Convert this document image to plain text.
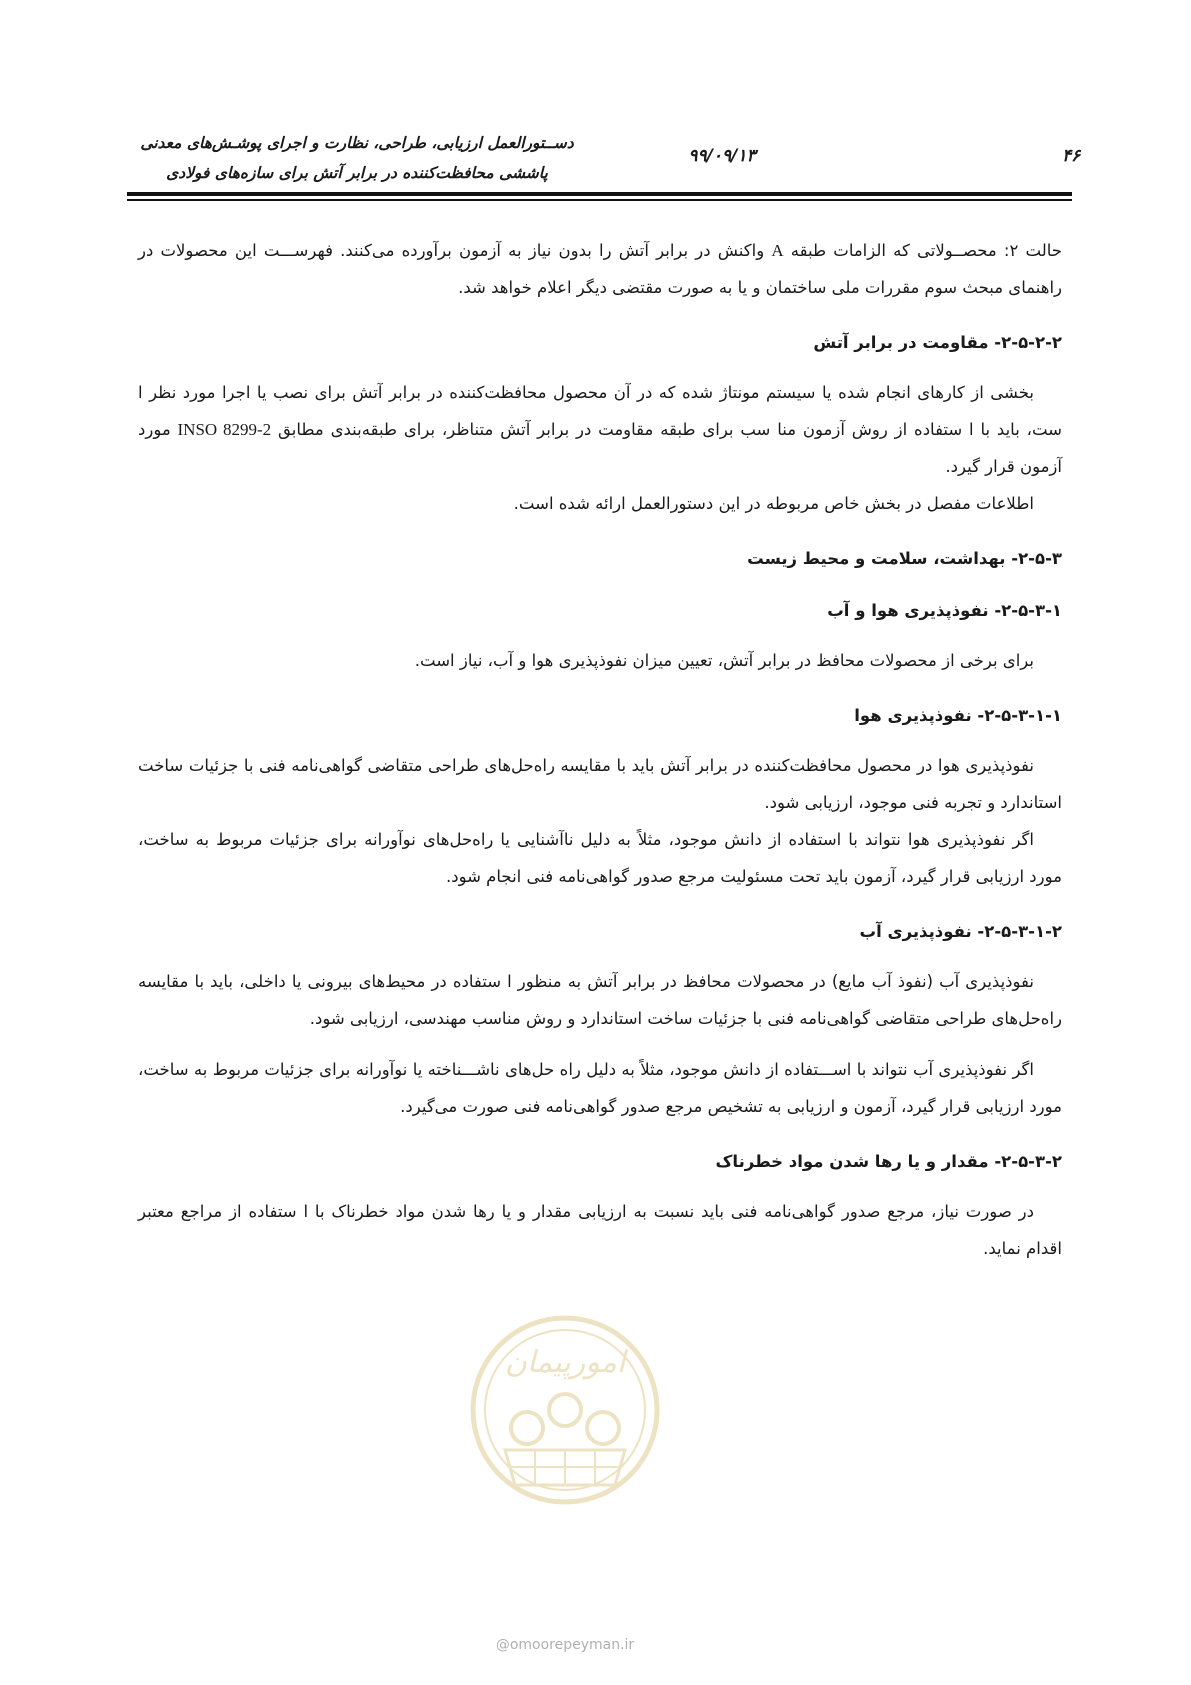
۴۶
۹۹/۰۹/۱۳
دســتورالعمل ارزیابی، طراحی، نظارت و اجرای پوشـش‌های معدنی
پاششی محافظت‌کننده در برابر آتش برای سازه‌های فولادی

حالت ۲: محصــولاتی که الزامات طبقه A واکنش در برابر آتش را بدون نیاز به آزمون برآورده می‌کنند. فهرســـت این محصولات در راهنمای مبحث سوم مقررات ملی ساختمان و یا به صورت مقتضی دیگر اعلام خواهد شد.

۲-۵-۲-۲- مقاومت در برابر آتش

بخشی از کارهای انجام شده یا سیستم مونتاژ شده که در آن محصول محافظت‌کننده در برابر آتش برای نصب یا اجرا مورد نظر ا ست، باید با ا ستفاده از روش آزمون منا سب برای طبقه مقاومت در برابر آتش متناظر، برای طبقه‌بندی مطابق INSO 8299-2 مورد آزمون قرار گیرد.

اطلاعات مفصل در بخش خاص مربوطه در این دستورالعمل ارائه شده است.

۲-۵-۳- بهداشت، سلامت و محیط زیست
۲-۵-۳-۱- نفوذپذیری هوا و آب

برای برخی از محصولات محافظ در برابر آتش، تعیین میزان نفوذپذیری هوا و آب، نیاز است.

۲-۵-۳-۱-۱- نفوذپذیری هوا

نفوذپذیری هوا در محصول محافظت‌کننده در برابر آتش باید با مقایسه راه‌حل‌های طراحی متقاضی گواهی‌نامه فنی با جزئیات ساخت استاندارد و تجربه فنی موجود، ارزیابی شود.

اگر نفوذپذیری هوا نتواند با استفاده از دانش موجود، مثلاً به دلیل ناآشنایی یا راه‌حل‌های نوآورانه برای جزئیات مربوط به ساخت، مورد ارزیابی قرار گیرد، آزمون باید تحت مسئولیت مرجع صدور گواهی‌نامه فنی انجام شود.

۲-۵-۳-۱-۲- نفوذپذیری آب

نفوذپذیری آب (نفوذ آب مایع) در محصولات محافظ در برابر آتش به منظور ا ستفاده در محیط‌های بیرونی یا داخلی، باید با مقایسه راه‌حل‌های طراحی متقاضی گواهی‌نامه فنی با جزئیات ساخت استاندارد و روش مناسب مهندسی، ارزیابی شود.

اگر نفوذپذیری آب نتواند با اســـتفاده از دانش موجود، مثلاً به دلیل راه حل‌های ناشـــناخته یا نوآورانه برای جزئیات مربوط به ساخت، مورد ارزیابی قرار گیرد، آزمون و ارزیابی به تشخیص مرجع صدور گواهی‌نامه فنی صورت می‌گیرد.

۲-۵-۳-۲- مقدار و یا رها شدن مواد خطرناک

در صورت نیاز، مرجع صدور گواهی‌نامه فنی باید نسبت به ارزیابی مقدار و یا رها شدن مواد خطرناک با ا ستفاده از مراجع معتبر اقدام نماید.

امورپیمان
@omoorepeyman.ir
